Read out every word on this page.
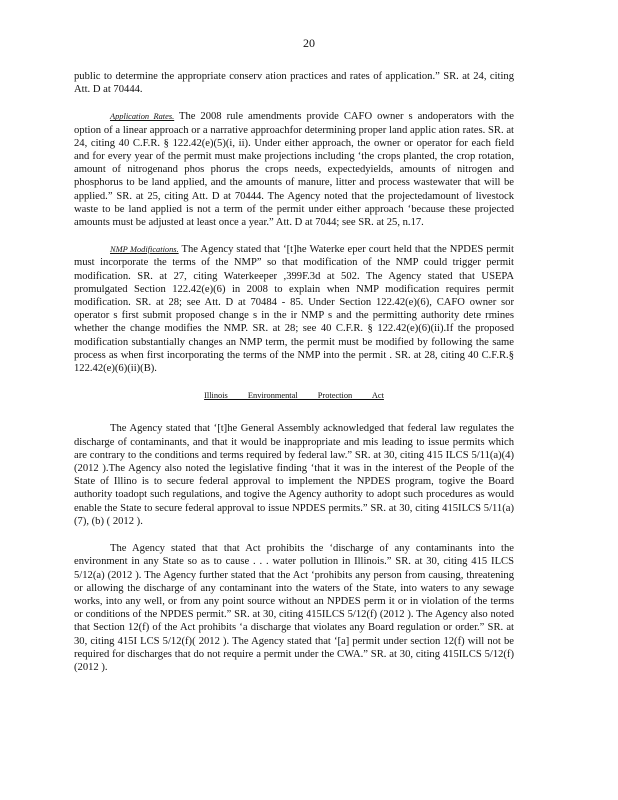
20

public to determine the appropriate conserv ation practices and rates of application.” SR. at 24, citing Att. D at 70444.

Application Rates. The 2008 rule amendments provide CAFO owner s andoperators with the option of a linear approach or a narrative approachfor determining proper land applic ation rates. SR. at 24, citing 40 C.F.R. § 122.42(e)(5)(i, ii). Under either approach, the owner or operator for each field and for every year of the permit must make projections including ‘the crops planted, the crop rotation, amount of nitrogenand phos phorus the crops needs, expectedyields, amounts of nitrogen and phosphorus to be land applied, and the amounts of manure, litter and process wastewater that will be applied.” SR. at 25, citing Att. D at 70444. The Agency noted that the projectedamount of livestock waste to be land applied is not a term of the permit under either approach ‘because these projected amounts must be adjusted at least once a year.” Att. D at 7044; see SR. at 25, n.17.

NMP Modifications. The Agency stated that ‘[t]he Waterke eper court held that the NPDES permit must incorporate the terms of the NMP” so that modification of the NMP could trigger permit modification. SR. at 27, citing Waterkeeper ,399F.3d at 502. The Agency stated that USEPA promulgated Section 122.42(e)(6) in 2008 to explain when NMP modification requires permit modification. SR. at 28; see Att. D at 70484 - 85. Under Section 122.42(e)(6), CAFO owner sor operator s first submit proposed change s in the ir NMP s and the permitting authority dete rmines whether the change modifies the NMP. SR. at 28; see 40 C.F.R. § 122.42(e)(6)(ii).If the proposed modification substantially changes an NMP term, the permit must be modified by following the same process as when first incorporating the terms of the NMP into the permit . SR. at 28, citing 40 C.F.R.§ 122.42(e)(6)(ii)(B).

Illinois Environmental Protection Act

The Agency stated that ‘[t]he General Assembly acknowledged that federal law regulates the discharge of contaminants, and that it would be inappropriate and mis leading to issue permits which are contrary to the conditions and terms required by federal law.” SR. at 30, citing 415 ILCS 5/11(a)(4) (2012 ).The Agency also noted the legislative finding ‘that it was in the interest of the People of the State of Illino is to secure federal approval to implement the NPDES program, togive the Board authority toadopt such regulations, and togive the Agency authority to adopt such procedures as would enable the State to secure federal approval to issue NPDES permits.” SR. at 30, citing 415ILCS 5/11(a)(7), (b) ( 2012 ).

The Agency stated that that Act prohibits the ‘discharge of any contaminants into the environment in any State so as to cause . . . water pollution in Illinois.” SR. at 30, citing 415 ILCS 5/12(a) (2012 ). The Agency further stated that the Act ‘prohibits any person from causing, threatening or allowing the discharge of any contaminant into the waters of the State, into waters to any sewage works, into any well, or from any point source without an NPDES perm it or in violation of the terms or conditions of the NPDES permit.” SR. at 30, citing 415ILCS 5/12(f) (2012 ). The Agency also noted that Section 12(f) of the Act prohibits ‘a discharge that violates any Board regulation or order.” SR. at 30, citing 415I LCS 5/12(f)( 2012 ). The Agency stated that ‘[a] permit under section 12(f) will not be required for discharges that do not require a permit under the CWA.” SR. at 30, citing 415ILCS 5/12(f) (2012 ).
